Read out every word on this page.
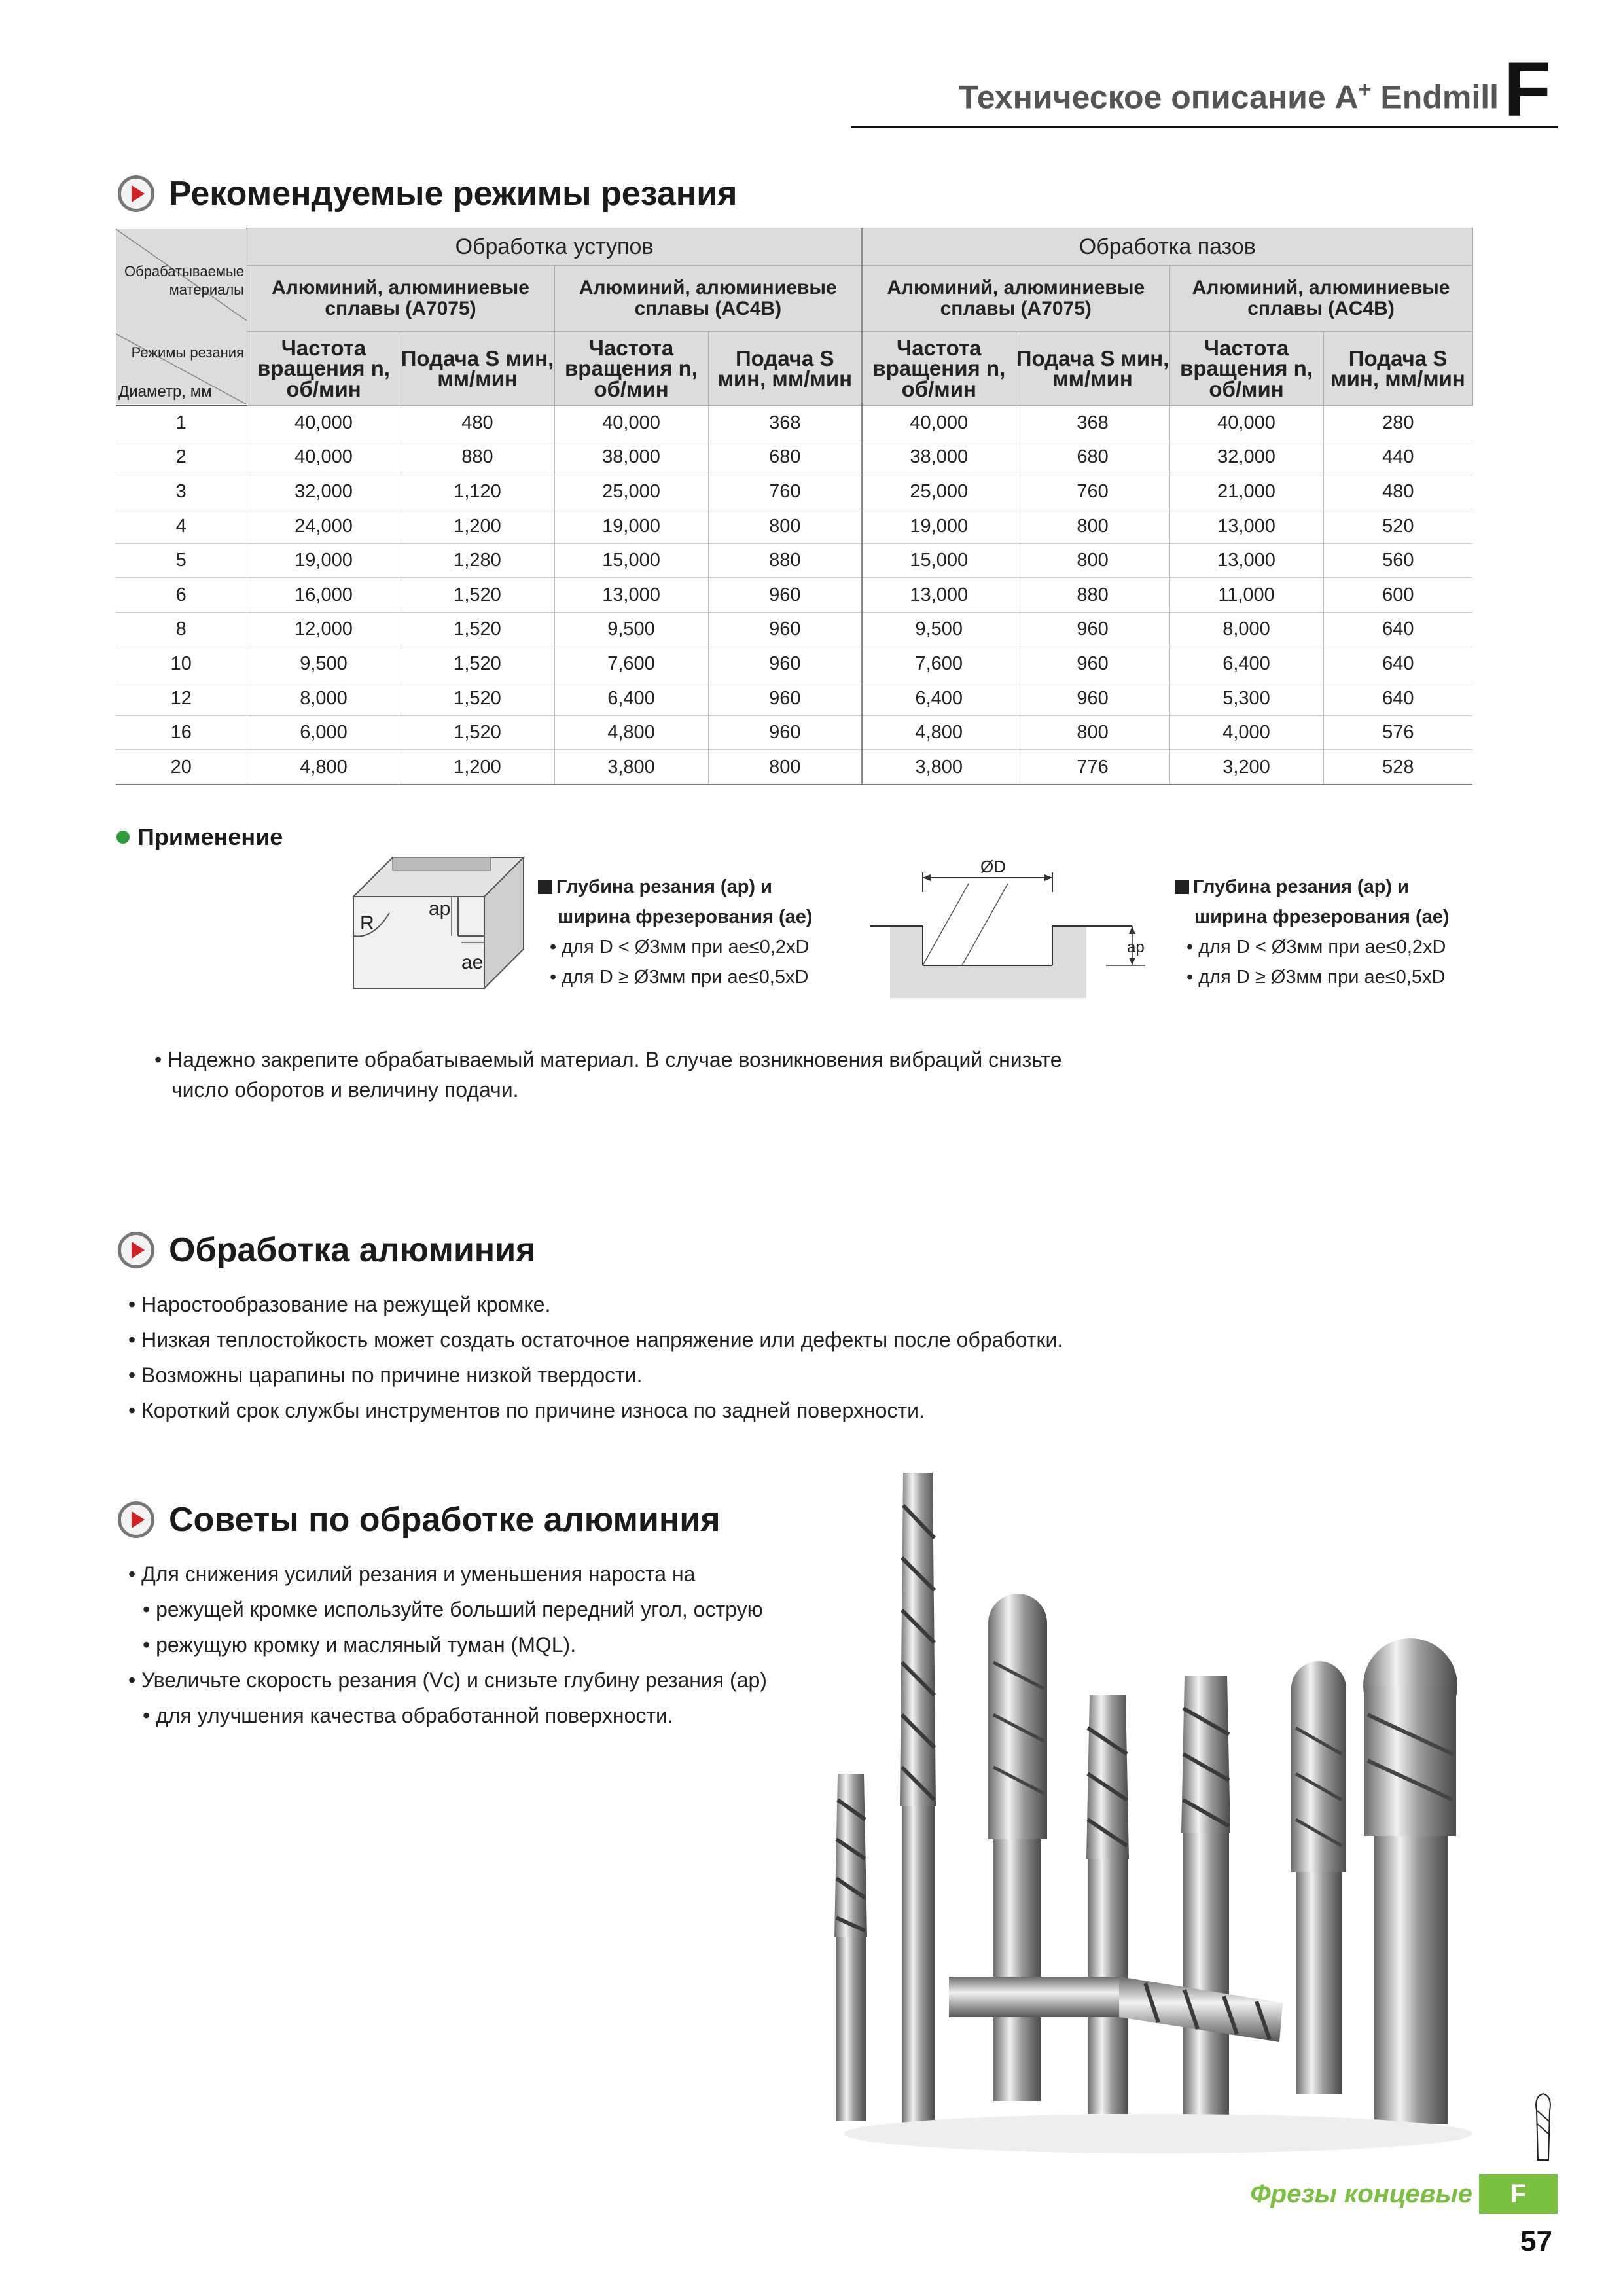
Техническое описание A+ Endmill F
Рекомендуемые режимы резания
Обрабатываемые
материалы
Режимы резания
Диаметр, мм	Обработка уступов				Обработка пазов			
	Алюминий, алюминиевые сплавы (A7075)		Алюминий, алюминиевые сплавы (AC4B)		Алюминий, алюминиевые сплавы (A7075)		Алюминий, алюминиевые сплавы (AC4B)	
	Частота вращения n, об/мин	Подача S мин, мм/мин	Частота вращения n, об/мин	Подача S мин, мм/мин	Частота вращения n, об/мин	Подача S мин, мм/мин	Частота вращения n, об/мин	Подача S мин, мм/мин
1	40,000	480	40,000	368	40,000	368	40,000	280
2	40,000	880	38,000	680	38,000	680	32,000	440
3	32,000	1,120	25,000	760	25,000	760	21,000	480
4	24,000	1,200	19,000	800	19,000	800	13,000	520
5	19,000	1,280	15,000	880	15,000	800	13,000	560
6	16,000	1,520	13,000	960	13,000	880	11,000	600
8	12,000	1,520	9,500	960	9,500	960	8,000	640
10	9,500	1,520	7,600	960	7,600	960	6,400	640
12	8,000	1,520	6,400	960	6,400	960	5,300	640
16	6,000	1,520	4,800	960	4,800	800	4,000	576
20	4,800	1,200	3,800	800	3,800	776	3,200	528
Применение
ap
R
ae
Глубина резания (ap) и
ширина фрезерования (ae)
• для D < Ø3мм при ae≤0,2xD
• для D ≥ Ø3мм при ae≤0,5xD
ØD
ap
Глубина резания (ap) и
ширина фрезерования (ae)
• для D < Ø3мм при ae≤0,2xD
• для D ≥ Ø3мм при ae≤0,5xD
• Надежно закрепите обрабатываемый материал. В случае возникновения вибраций снизьте
число оборотов и величину подачи.
Обработка алюминия
• Наростообразование на режущей кромке.
• Низкая теплостойкость может создать остаточное напряжение или дефекты после обработки.
• Возможны царапины по причине низкой твердости.
• Короткий срок службы инструментов по причине износа по задней поверхности.
Советы по обработке алюминия
• Для снижения усилий резания и уменьшения нароста на
• режущей кромке используйте больший передний угол, острую
• режущую кромку и масляный туман (MQL).
• Увеличьте скорость резания (Vc) и снизьте глубину резания (ap)
• для улучшения качества обработанной поверхности.
Фрезы концевые	F
57
